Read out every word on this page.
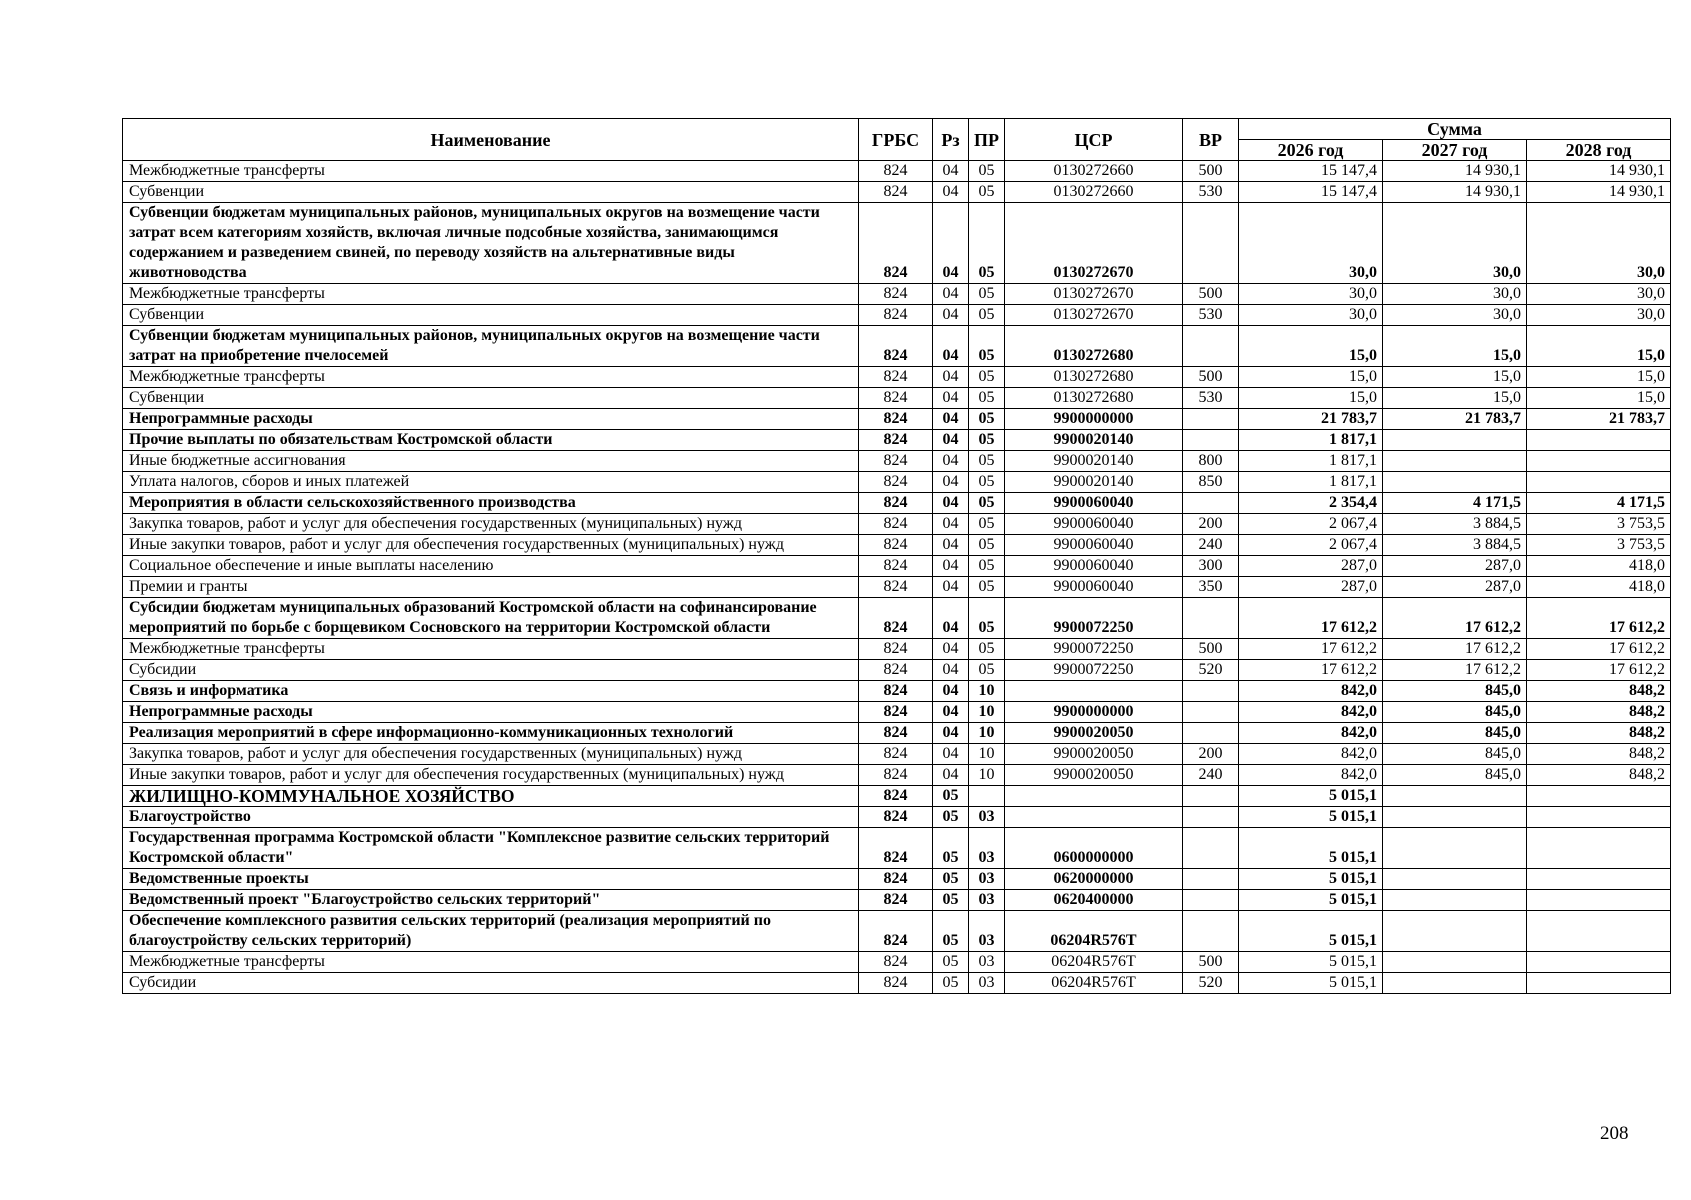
Наименование	ГРБС	Рз	ПР	ЦСР	ВР	Сумма		
						2026 год	2027 год	2028 год
Межбюджетные трансферты	824	04	05	0130272660	500	15 147,4	14 930,1	14 930,1
Субвенции	824	04	05	0130272660	530	15 147,4	14 930,1	14 930,1
Субвенции бюджетам муниципальных районов, муниципальных округов на возмещение части затрат всем категориям хозяйств, включая личные подсобные хозяйства, занимающимся содержанием и разведением свиней, по переводу хозяйств на альтернативные виды животноводства	824	04	05	0130272670		30,0	30,0	30,0
Межбюджетные трансферты	824	04	05	0130272670	500	30,0	30,0	30,0
Субвенции	824	04	05	0130272670	530	30,0	30,0	30,0
Субвенции бюджетам муниципальных районов, муниципальных округов на возмещение части затрат на приобретение пчелосемей	824	04	05	0130272680		15,0	15,0	15,0
Межбюджетные трансферты	824	04	05	0130272680	500	15,0	15,0	15,0
Субвенции	824	04	05	0130272680	530	15,0	15,0	15,0
Непрограммные расходы	824	04	05	9900000000		21 783,7	21 783,7	21 783,7
Прочие выплаты по обязательствам Костромской области	824	04	05	9900020140		1 817,1		
Иные бюджетные ассигнования	824	04	05	9900020140	800	1 817,1		
Уплата налогов, сборов и иных платежей	824	04	05	9900020140	850	1 817,1		
Мероприятия в области сельскохозяйственного производства	824	04	05	9900060040		2 354,4	4 171,5	4 171,5
Закупка товаров, работ и услуг для обеспечения государственных (муниципальных) нужд	824	04	05	9900060040	200	2 067,4	3 884,5	3 753,5
Иные закупки товаров, работ и услуг для обеспечения государственных (муниципальных) нужд	824	04	05	9900060040	240	2 067,4	3 884,5	3 753,5
Социальное обеспечение и иные выплаты населению	824	04	05	9900060040	300	287,0	287,0	418,0
Премии и гранты	824	04	05	9900060040	350	287,0	287,0	418,0
Субсидии бюджетам муниципальных образований Костромской области на софинансирование мероприятий по борьбе с борщевиком Сосновского на территории Костромской области	824	04	05	9900072250		17 612,2	17 612,2	17 612,2
Межбюджетные трансферты	824	04	05	9900072250	500	17 612,2	17 612,2	17 612,2
Субсидии	824	04	05	9900072250	520	17 612,2	17 612,2	17 612,2
Связь и информатика	824	04	10			842,0	845,0	848,2
Непрограммные расходы	824	04	10	9900000000		842,0	845,0	848,2
Реализация мероприятий в сфере информационно-коммуникационных технологий	824	04	10	9900020050		842,0	845,0	848,2
Закупка товаров, работ и услуг для обеспечения государственных (муниципальных) нужд	824	04	10	9900020050	200	842,0	845,0	848,2
Иные закупки товаров, работ и услуг для обеспечения государственных (муниципальных) нужд	824	04	10	9900020050	240	842,0	845,0	848,2
ЖИЛИЩНО-КОММУНАЛЬНОЕ ХОЗЯЙСТВО	824	05				5 015,1		
Благоустройство	824	05	03			5 015,1		
Государственная программа Костромской области "Комплексное развитие сельских территорий Костромской области"	824	05	03	0600000000		5 015,1		
Ведомственные проекты	824	05	03	0620000000		5 015,1		
Ведомственный проект "Благоустройство сельских территорий"	824	05	03	0620400000		5 015,1		
Обеспечение комплексного развития сельских территорий (реализация мероприятий по благоустройству сельских территорий)	824	05	03	06204R576T		5 015,1		
Межбюджетные трансферты	824	05	03	06204R576T	500	5 015,1		
Субсидии	824	05	03	06204R576T	520	5 015,1		
208
